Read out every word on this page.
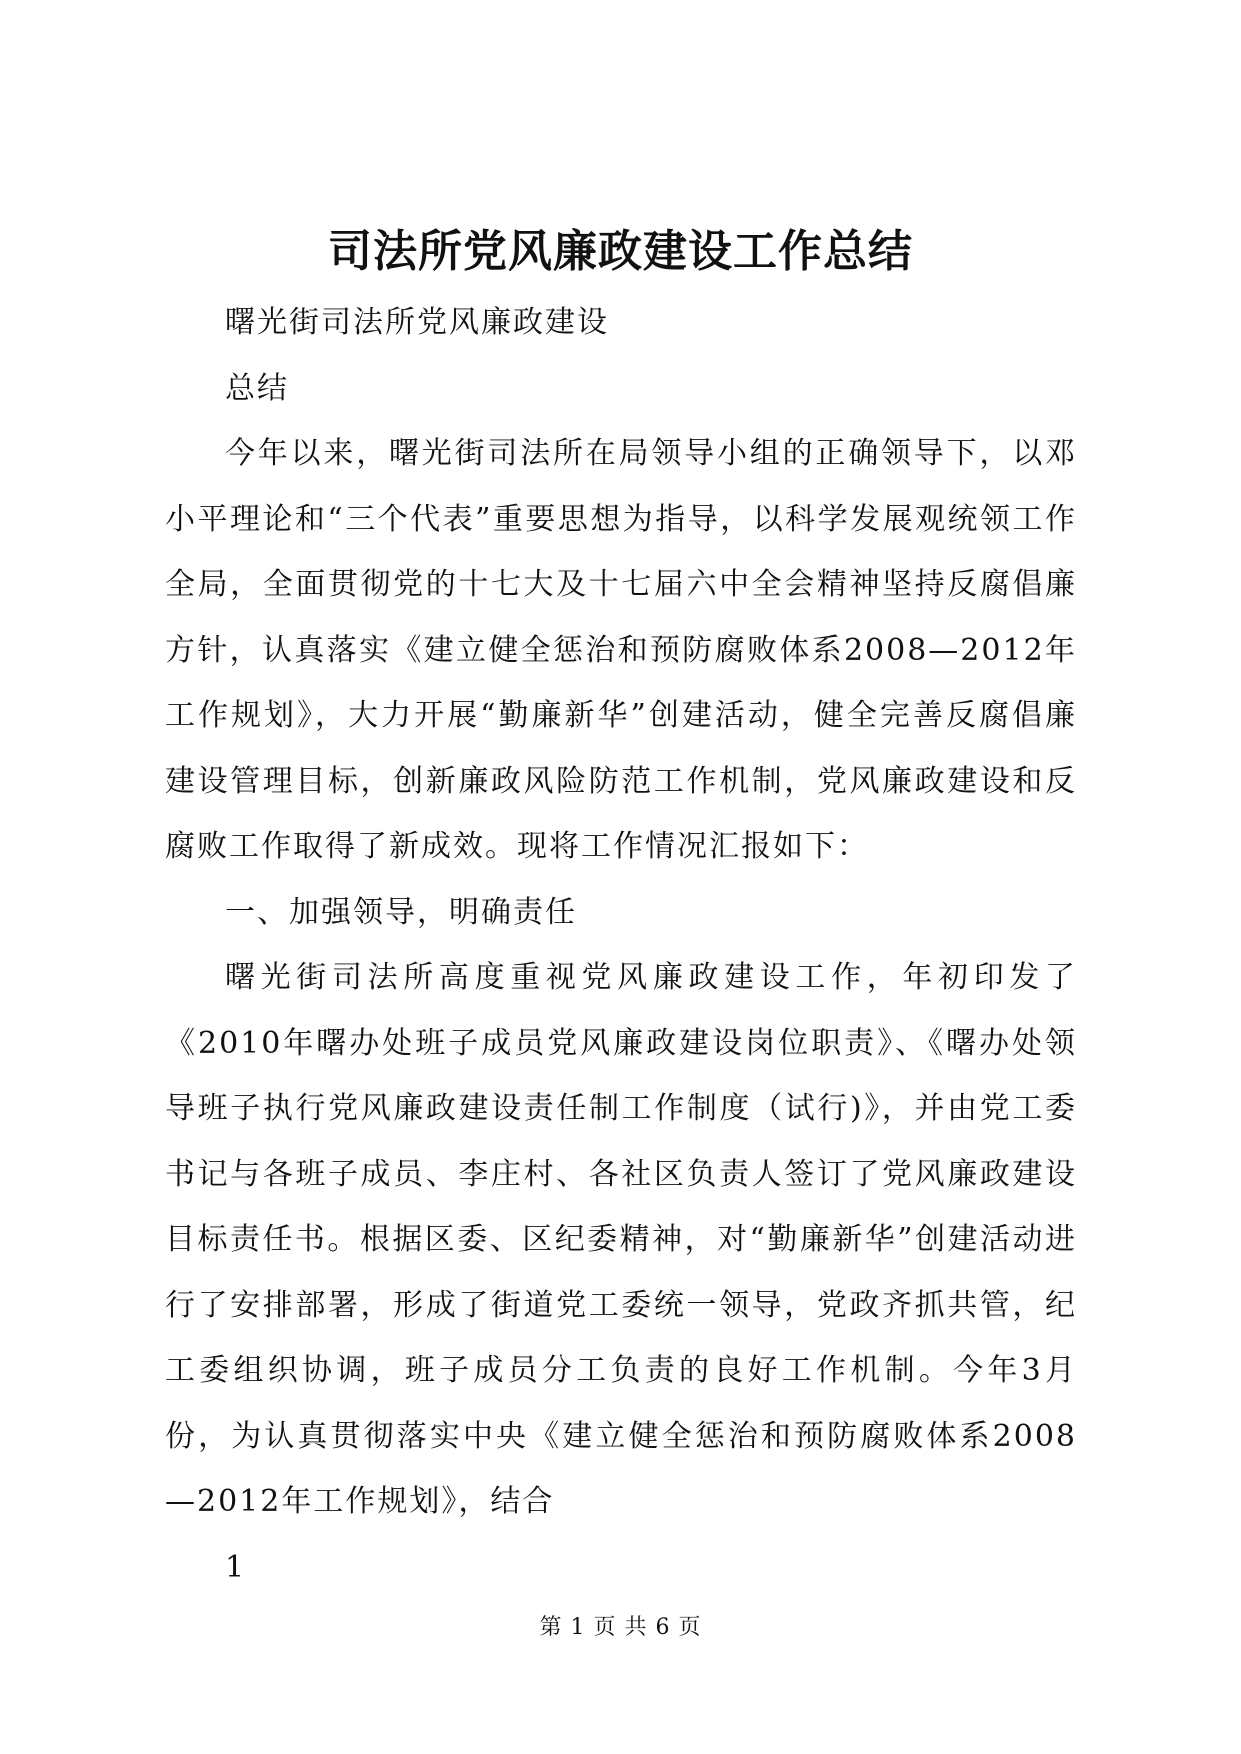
司法所党风廉政建设工作总结

曙光街司法所党风廉政建设

总结

今年以来，曙光街司法所在局领导小组的正确领导下，以邓小平理论和“三个代表”重要思想为指导，以科学发展观统领工作全局，全面贯彻党的十七大及十七届六中全会精神坚持反腐倡廉方针，认真落实《建立健全惩治和预防腐败体系2008—2012年工作规划》，大力开展“勤廉新华”创建活动，健全完善反腐倡廉建设管理目标，创新廉政风险防范工作机制，党风廉政建设和反腐败工作取得了新成效。现将工作情况汇报如下：

一、加强领导，明确责任

曙光街司法所高度重视党风廉政建设工作，年初印发了《2010年曙办处班子成员党风廉政建设岗位职责》、《曙办处领导班子执行党风廉政建设责任制工作制度（试行)》，并由党工委书记与各班子成员、李庄村、各社区负责人签订了党风廉政建设目标责任书。根据区委、区纪委精神，对“勤廉新华”创建活动进行了安排部署，形成了街道党工委统一领导，党政齐抓共管，纪工委组织协调，班子成员分工负责的良好工作机制。今年3月份，为认真贯彻落实中央《建立健全惩治和预防腐败体系2008—2012年工作规划》，结合

1

第 1 页 共 6 页
